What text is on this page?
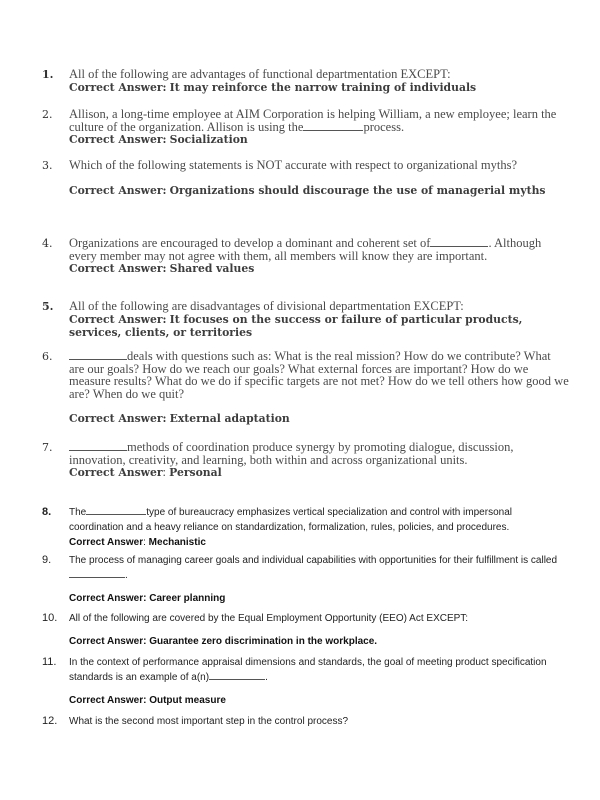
1. All of the following are advantages of functional departmentation EXCEPT:

Correct Answer: It may reinforce the narrow training of individuals

2. Allison, a long-time employee at AIM Corporation is helping William, a new employee; learn the culture of the organization. Allison is using the	process.

Correct Answer: Socialization

3. Which of the following statements is NOT accurate with respect to organizational myths?

Correct Answer: Organizations should discourage the use of managerial myths

4. Organizations are encouraged to develop a dominant and coherent set of	. Although every member may not agree with them, all members will know they are important.

Correct Answer: Shared values

5. All of the following are disadvantages of divisional departmentation EXCEPT:

Correct Answer: It focuses on the success or failure of particular products, services, clients, or territories

6.	deals with questions such as: What is the real mission? How do we contribute? What are our goals? How do we reach our goals? What external forces are important? How do we measure results? What do we do if specific targets are not met? How do we tell others how good we are? When do we quit?

Correct Answer: External adaptation

7.	methods of coordination produce synergy by promoting dialogue, discussion, innovation, creativity, and learning, both within and across organizational units.

Correct Answer: Personal

8. The	type of bureaucracy emphasizes vertical specialization and control with impersonal coordination and a heavy reliance on standardization, formalization, rules, policies, and procedures.

Correct Answer: Mechanistic

9. The process of managing career goals and individual capabilities with opportunities for their fulfillment is called .

Correct Answer: Career planning

10. All of the following are covered by the Equal Employment Opportunity (EEO) Act EXCEPT:

Correct Answer: Guarantee zero discrimination in the workplace.

11. In the context of performance appraisal dimensions and standards, the goal of meeting product specification standards is an example of a(n)	.

Correct Answer: Output measure

12. What is the second most important step in the control process?
